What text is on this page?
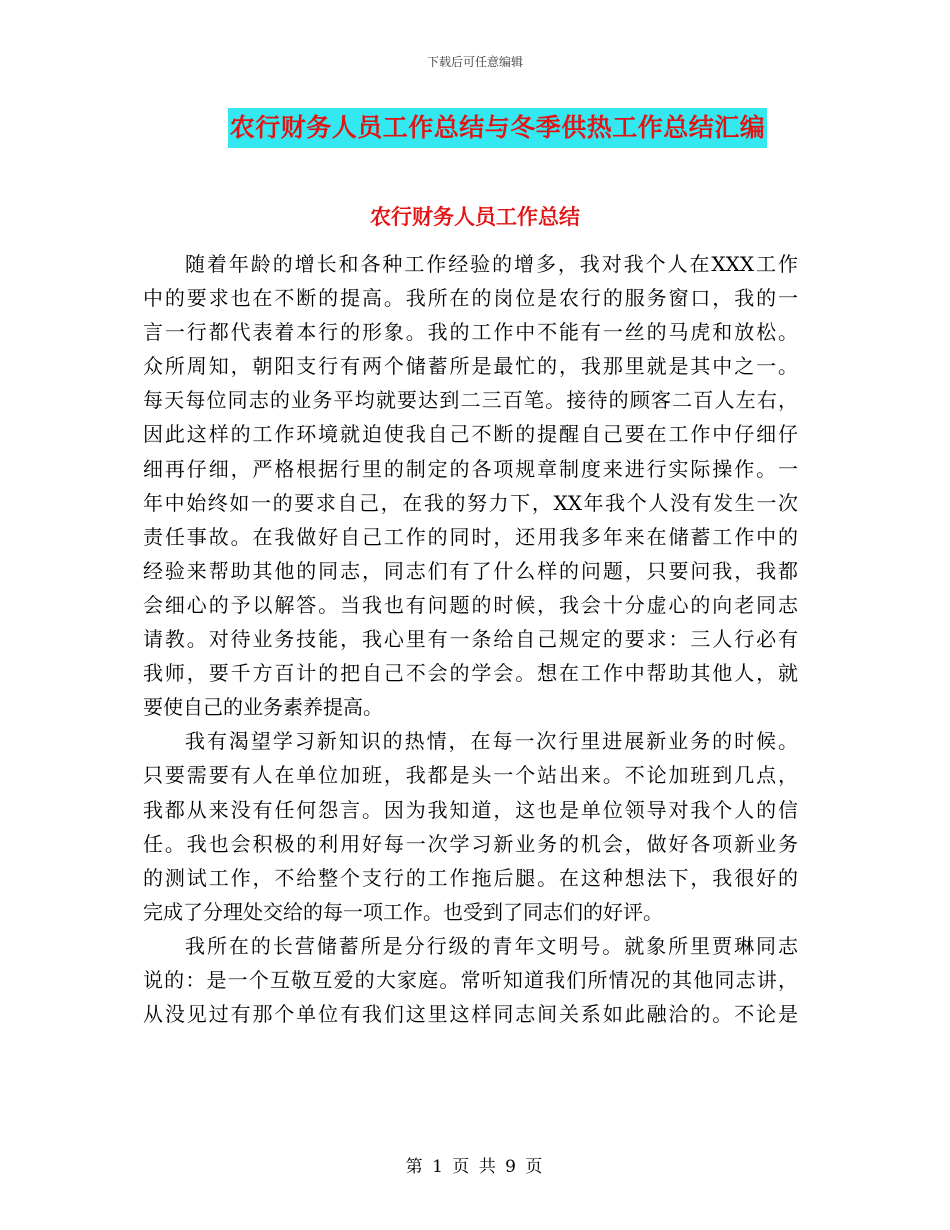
下载后可任意编辑
农行财务人员工作总结与冬季供热工作总结汇编
农行财务人员工作总结
随着年龄的增长和各种工作经验的增多，我对我个人在XXX工作
中的要求也在不断的提高。我所在的岗位是农行的服务窗口，我的一
言一行都代表着本行的形象。我的工作中不能有一丝的马虎和放松。
众所周知，朝阳支行有两个储蓄所是最忙的，我那里就是其中之一。
每天每位同志的业务平均就要达到二三百笔。接待的顾客二百人左右，
因此这样的工作环境就迫使我自己不断的提醒自己要在工作中仔细仔
细再仔细，严格根据行里的制定的各项规章制度来进行实际操作。一
年中始终如一的要求自己，在我的努力下，XX年我个人没有发生一次
责任事故。在我做好自己工作的同时，还用我多年来在储蓄工作中的
经验来帮助其他的同志，同志们有了什么样的问题，只要问我，我都
会细心的予以解答。当我也有问题的时候，我会十分虚心的向老同志
请教。对待业务技能，我心里有一条给自己规定的要求：三人行必有
我师，要千方百计的把自己不会的学会。想在工作中帮助其他人，就
要使自己的业务素养提高。
我有渴望学习新知识的热情，在每一次行里进展新业务的时候。
只要需要有人在单位加班，我都是头一个站出来。不论加班到几点，
我都从来没有任何怨言。因为我知道，这也是单位领导对我个人的信
任。我也会积极的利用好每一次学习新业务的机会，做好各项新业务
的测试工作，不给整个支行的工作拖后腿。在这种想法下，我很好的
完成了分理处交给的每一项工作。也受到了同志们的好评。
我所在的长营储蓄所是分行级的青年文明号。就象所里贾琳同志
说的：是一个互敬互爱的大家庭。常听知道我们所情况的其他同志讲，
从没见过有那个单位有我们这里这样同志间关系如此融洽的。不论是
第 1 页 共 9 页
